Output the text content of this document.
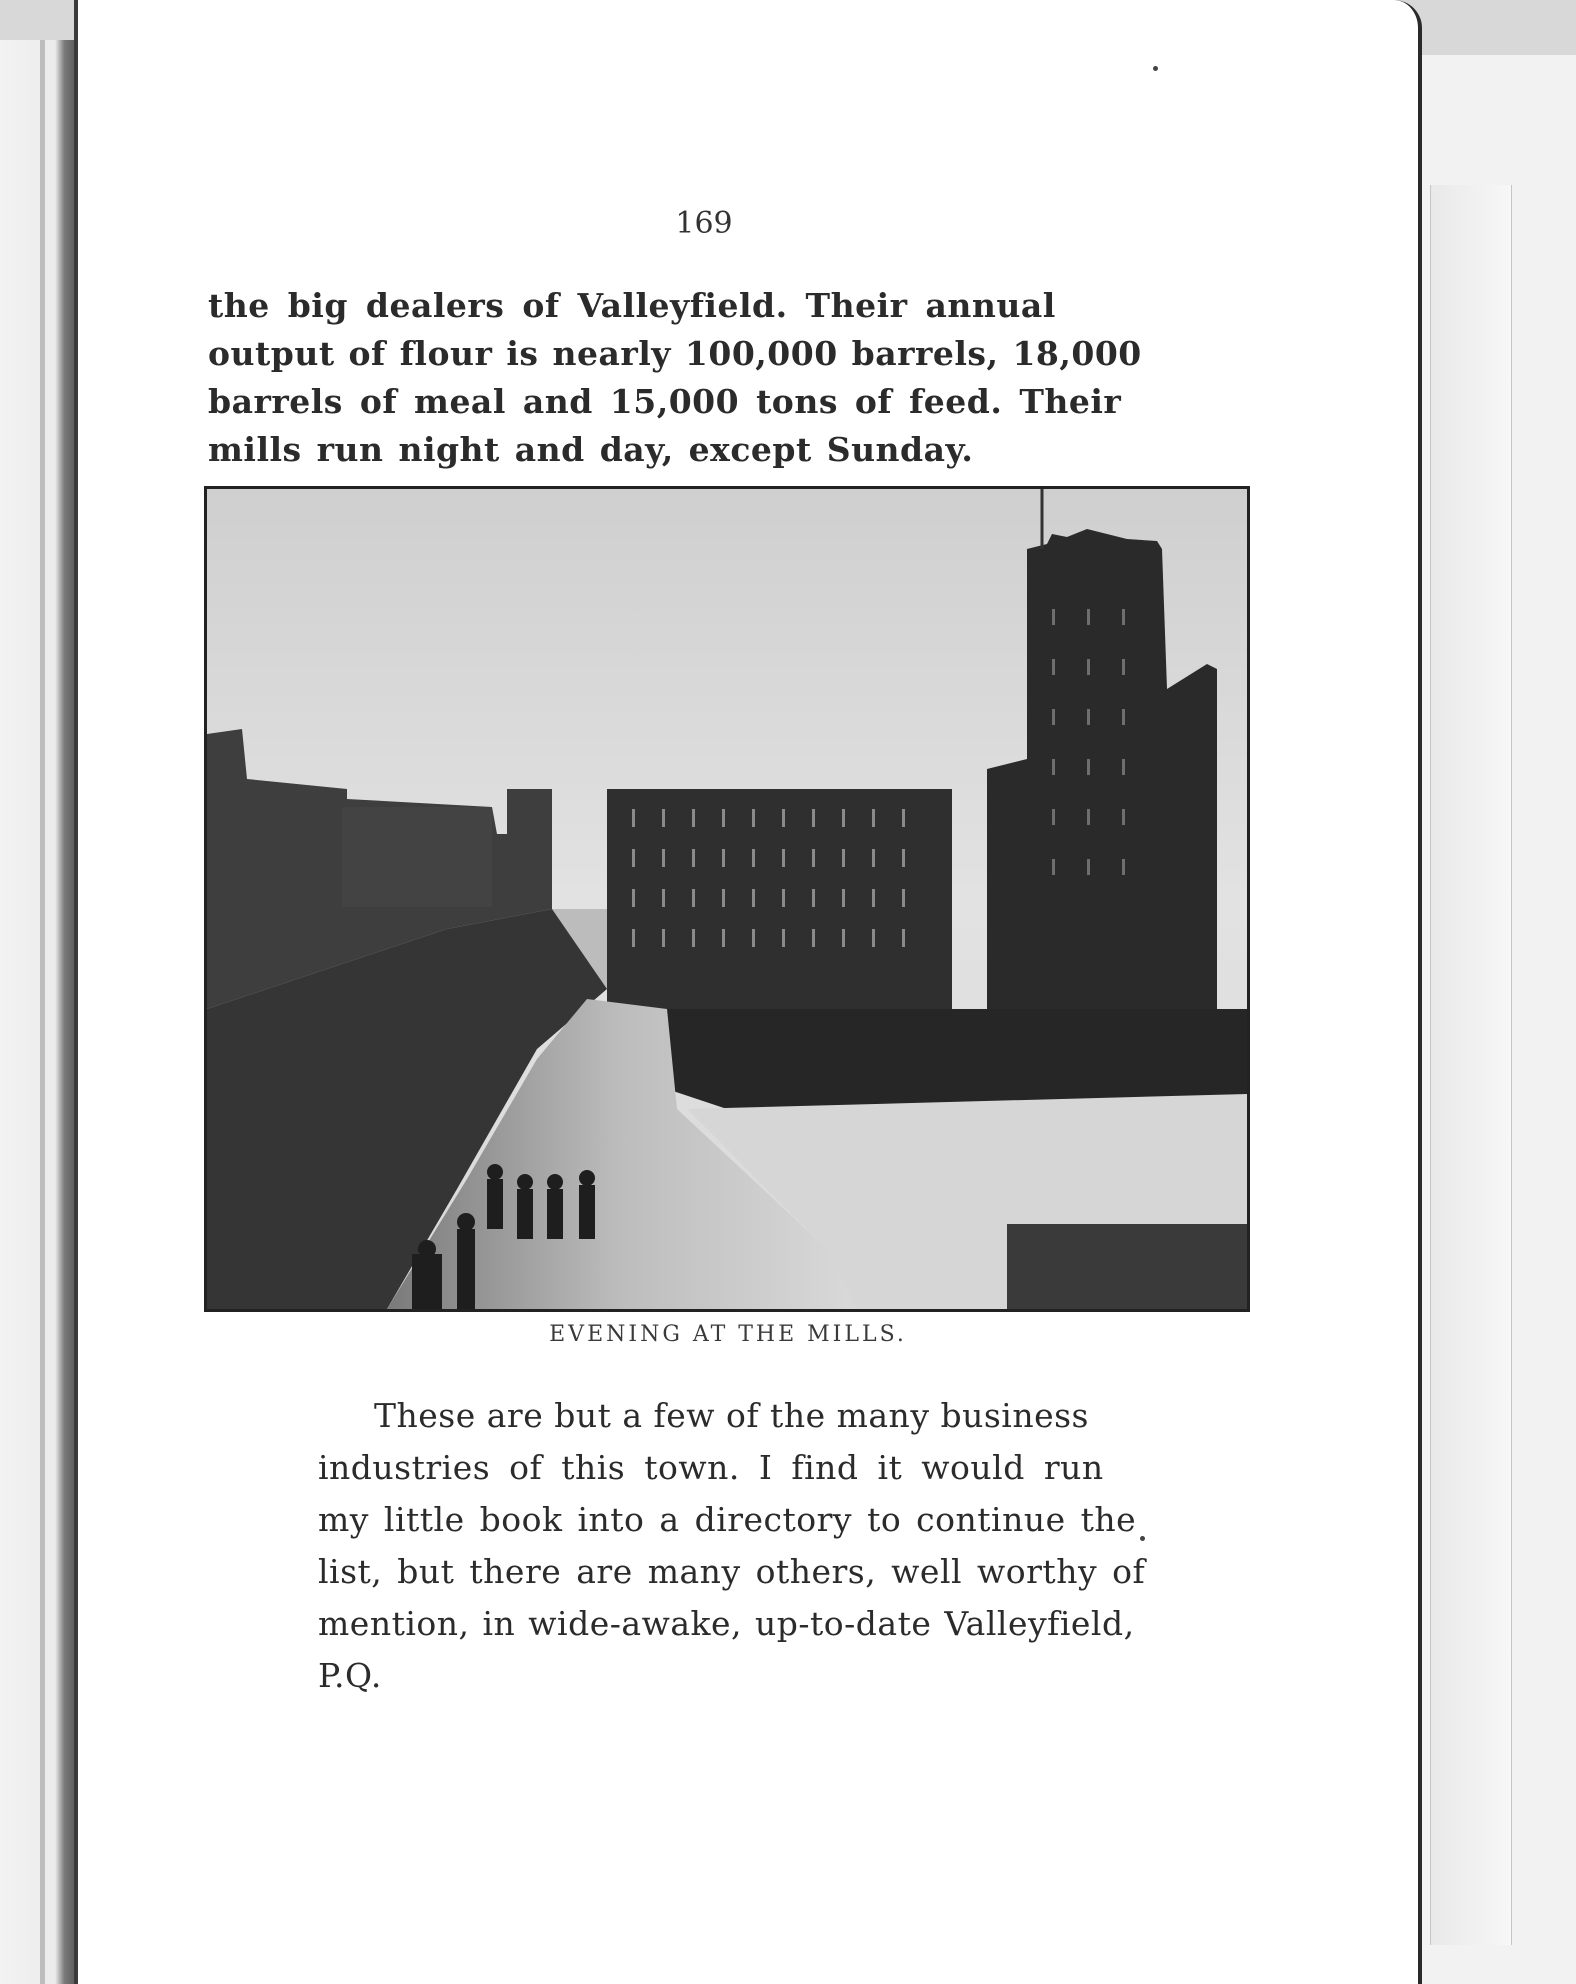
169
the big dealers of Valleyfield. Their annual
output of flour is nearly 100,000 barrels, 18,000
barrels of meal and 15,000 tons of feed. Their
mills run night and day, except Sunday.
EVENING AT THE MILLS.
These are but a few of the many business
industries of this town. I find it would run
my little book into a directory to continue the
list, but there are many others, well worthy of
mention, in wide-awake, up-to-date Valleyfield,
P.Q.
